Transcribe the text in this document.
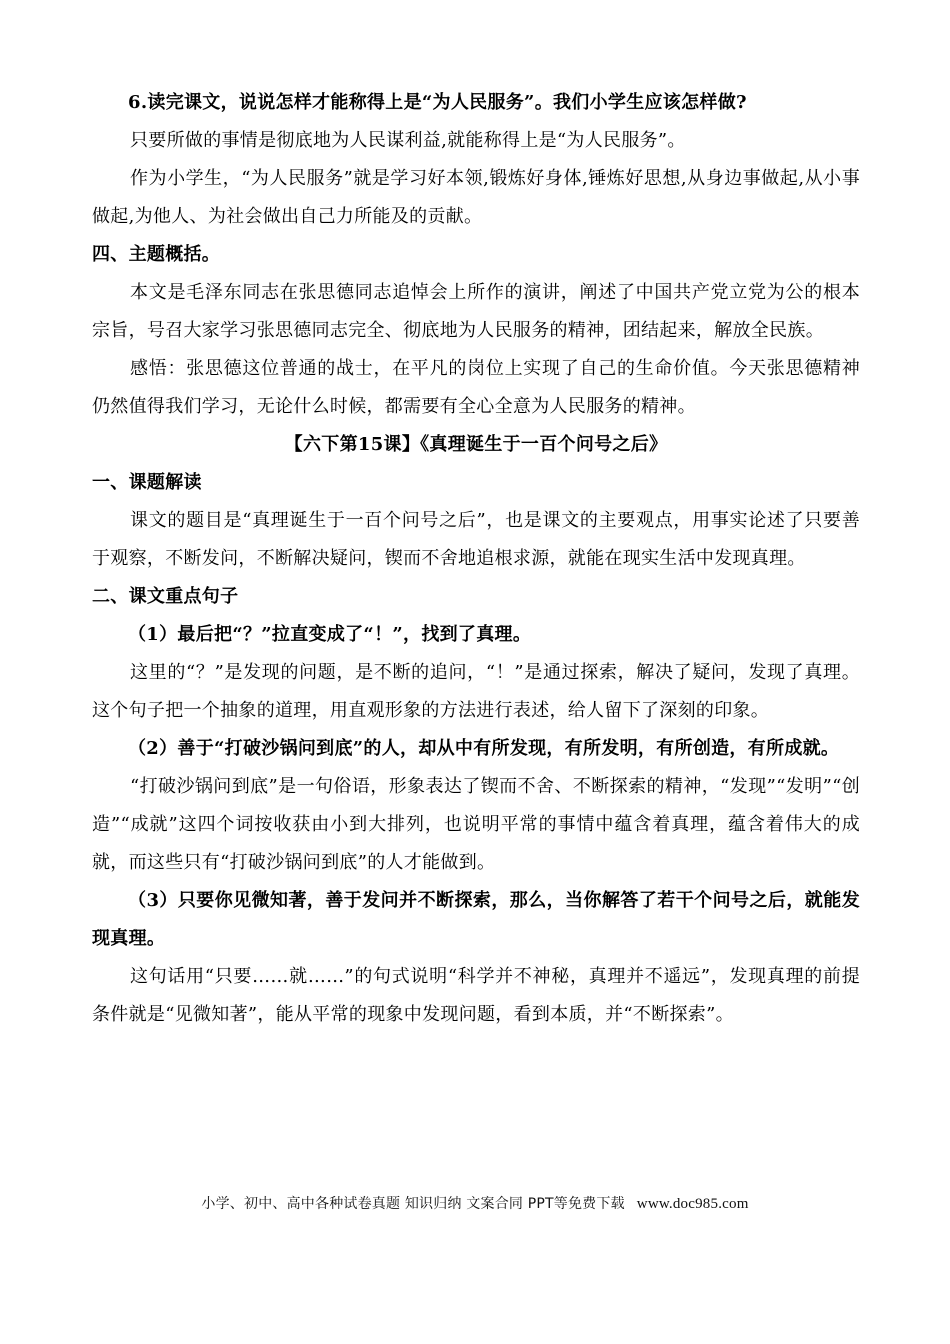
6.读完课文，说说怎样才能称得上是“为人民服务”。我们小学生应该怎样做?

只要所做的事情是彻底地为人民谋利益,就能称得上是“为人民服务”。

作为小学生，“为人民服务”就是学习好本领,锻炼好身体,锤炼好思想,从身边事做起,从小事做起,为他人、为社会做出自己力所能及的贡献。

四、主题概括。

本文是毛泽东同志在张思德同志追悼会上所作的演讲，阐述了中国共产党立党为公的根本宗旨，号召大家学习张思德同志完全、彻底地为人民服务的精神，团结起来，解放全民族。

感悟：张思德这位普通的战士，在平凡的岗位上实现了自己的生命价值。今天张思德精神仍然值得我们学习，无论什么时候，都需要有全心全意为人民服务的精神。

【六下第15课】《真理诞生于一百个问号之后》

一、课题解读

课文的题目是“真理诞生于一百个问号之后”，也是课文的主要观点，用事实论述了只要善于观察，不断发问，不断解决疑问，锲而不舍地追根求源，就能在现实生活中发现真理。

二、课文重点句子

（1）最后把“？”拉直变成了“！”，找到了真理。

这里的“？”是发现的问题，是不断的追问，“！”是通过探索，解决了疑问，发现了真理。这个句子把一个抽象的道理，用直观形象的方法进行表述，给人留下了深刻的印象。

（2）善于“打破沙锅问到底”的人，却从中有所发现，有所发明，有所创造，有所成就。

“打破沙锅问到底”是一句俗语，形象表达了锲而不舍、不断探索的精神，“发现”“发明”“创造”“成就”这四个词按收获由小到大排列，也说明平常的事情中蕴含着真理，蕴含着伟大的成就，而这些只有“打破沙锅问到底”的人才能做到。

（3）只要你见微知著，善于发问并不断探索，那么，当你解答了若干个问号之后，就能发现真理。

这句话用“只要……就……”的句式说明“科学并不神秘，真理并不遥远”，发现真理的前提条件就是“见微知著”，能从平常的现象中发现问题，看到本质，并“不断探索”。

小学、初中、高中各种试卷真题 知识归纳 文案合同 PPT等免费下载 www.doc985.com
